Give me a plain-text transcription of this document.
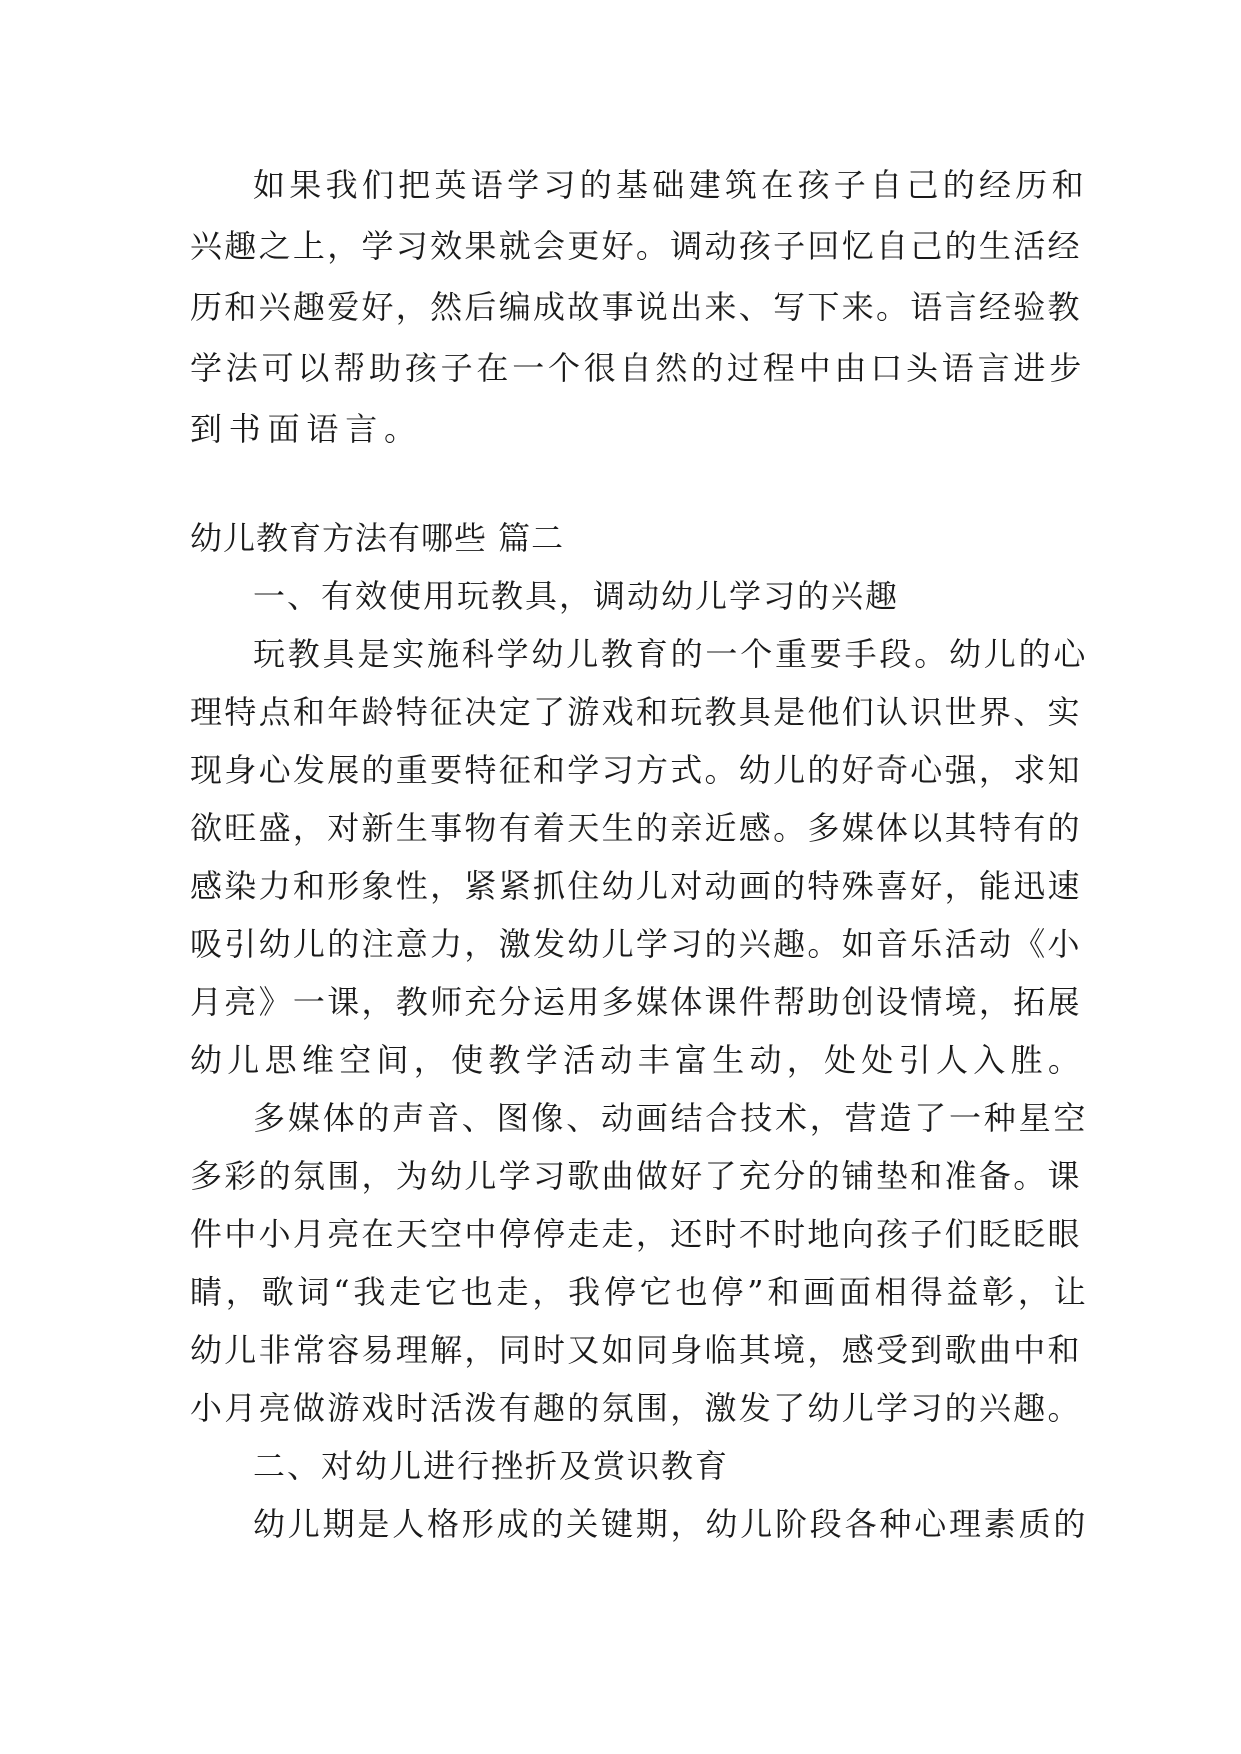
如果我们把英语学习的基础建筑在孩子自己的经历和

兴趣之上，学习效果就会更好。调动孩子回忆自己的生活经

历和兴趣爱好，然后编成故事说出来、写下来。语言经验教

学法可以帮助孩子在一个很自然的过程中由口头语言进步

到书面语言。

幼儿教育方法有哪些 篇二

一、有效使用玩教具，调动幼儿学习的兴趣

玩教具是实施科学幼儿教育的一个重要手段。幼儿的心

理特点和年龄特征决定了游戏和玩教具是他们认识世界、实

现身心发展的重要特征和学习方式。幼儿的好奇心强，求知

欲旺盛，对新生事物有着天生的亲近感。多媒体以其特有的

感染力和形象性，紧紧抓住幼儿对动画的特殊喜好，能迅速

吸引幼儿的注意力，激发幼儿学习的兴趣。如音乐活动《小

月亮》一课，教师充分运用多媒体课件帮助创设情境，拓展

幼儿思维空间，使教学活动丰富生动，处处引人入胜。

多媒体的声音、图像、动画结合技术，营造了一种星空

多彩的氛围，为幼儿学习歌曲做好了充分的铺垫和准备。课

件中小月亮在天空中停停走走，还时不时地向孩子们眨眨眼

睛，歌词“我走它也走，我停它也停”和画面相得益彰，让

幼儿非常容易理解，同时又如同身临其境，感受到歌曲中和

小月亮做游戏时活泼有趣的氛围，激发了幼儿学习的兴趣。

二、对幼儿进行挫折及赏识教育

幼儿期是人格形成的关键期，幼儿阶段各种心理素质的
